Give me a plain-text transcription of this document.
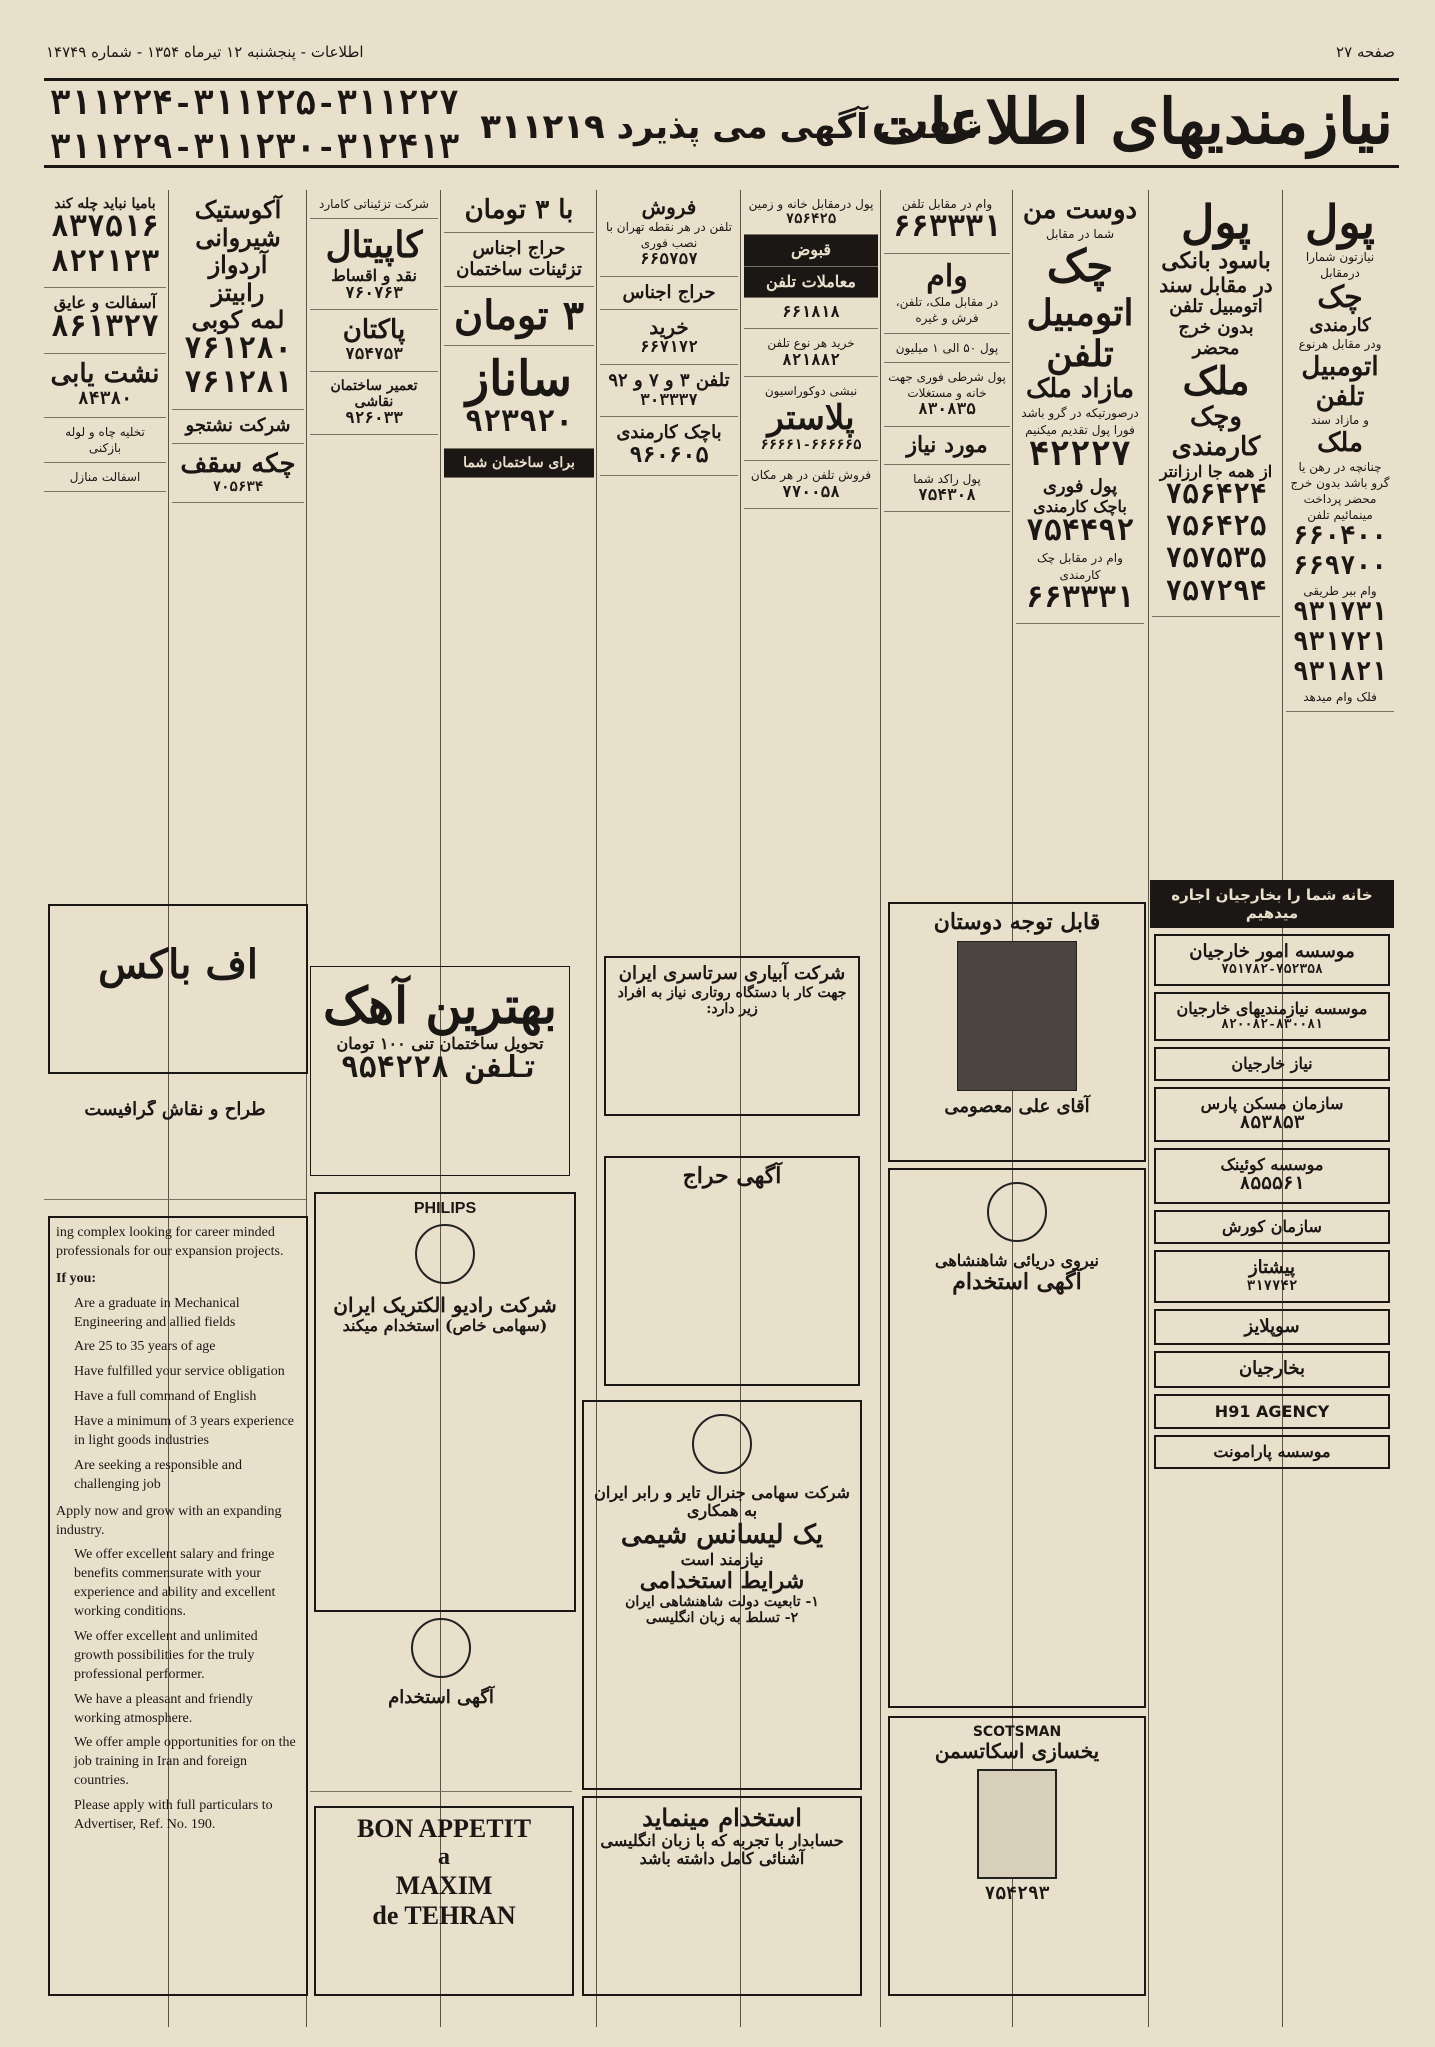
صفحه ۲۷
اطلاعات - پنجشنبه ۱۲ تیرماه ۱۳۵۴ - شماره ۱۴۷۴۹
نیازمندیهای اطلاعات
تلفنی آگهی می پذیرد ۳۱۱۲۱۹
۳۱۱۲۲۴-۳۱۱۲۲۵-۳۱۱۲۲۷
۳۱۱۲۲۹-۳۱۱۲۳۰-۳۱۲۴۱۳
پول
نیازتون شمارا درمقابل
چک
کارمندی
ودر مقابل هرنوع
اتومبیل
تلفن
و مازاد سند
ملک
چنانچه در رهن یا گرو باشد بدون خرج محضر پرداخت مینمائیم تلفن
۶۶۰۴۰۰
۶۶۹۷۰۰
وام ببر طریقی
۹۳۱۷۳۱
۹۳۱۷۲۱
۹۳۱۸۲۱
فلک وام میدهد
پول
باسود بانکی
در مقابل سند
اتومبیل تلفن
بدون خرج محضر
ملک
وچک
کارمندی
از همه جا ارزانتر
۷۵۶۴۲۴
۷۵۶۴۲۵
۷۵۷۵۳۵
۷۵۷۲۹۴
دوست من
شما در مقابل
چک
اتومبیل
تلفن
مازاد ملک
درصورتیکه در گرو باشد فورا پول تقدیم میکنیم
۴۲۲۲۷
پول فوری
باچک کارمندی
۷۵۴۴۹۲
وام در مقابل چک کارمندی
۶۶۳۳۳۱
وام در مقابل تلفن
۶۶۳۳۳۱
وام
در مقابل ملک، تلفن، فرش و غیره
پول ۵۰ الی ۱ میلیون
پول شرطی فوری جهت خانه و مستغلات
۸۳۰۸۳۵
مورد نیاز
پول راکد شما
۷۵۴۳۰۸
پول درمقابل خانه و زمین
۷۵۶۴۲۵
قبوض
معاملات تلفن
۶۶۱۸۱۸
خرید هر نوع تلفن
۸۲۱۸۸۲
نبشی دوکوراسیون
پلاستر
۶۶۶۶۱-۶۶۶۶۶۵
فروش تلفن در هر مکان
۷۷۰۰۵۸
فروش
تلفن در هر نقطه تهران با نصب فوری
۶۶۵۷۵۷
حراج اجناس
خرید
۶۶۷۱۷۲
تلفن ۳ و ۷ و ۹۲
۳۰۳۳۳۷
باچک کارمندی
۹۶۰۶۰۵
با ۳ تومان
حراج اجناس تزئینات ساختمان
۳ تومان
ساناز
۹۲۳۹۲۰
برای ساختمان شما
شرکت تزئیناتی کامارد
کاپیتال
نقد و اقساط
۷۶۰۷۶۳
پاکتان
۷۵۴۷۵۳
تعمیر ساختمان نقاشی
۹۲۶۰۳۳
آکوستیک
شیروانی
آردواز
رابیتز
لمه کوبی
۷۶۱۲۸۰
۷۶۱۲۸۱
شرکت نشتجو
چکه سقف
۷۰۵۶۳۴
بامیا نباید چله کند
۸۳۷۵۱۶
۸۲۲۱۲۳
آسفالت و عایق
۸۶۱۳۲۷
نشت یابی
۸۴۳۸۰
تخلیه چاه و لوله بازکنی
اسفالت منازل
اف باکس
طراح و نقاش گرافیست

ing complex looking for career minded professionals for our expansion projects.

If you:

Are a graduate in Mechanical Engineering and allied fields

Are 25 to 35 years of age

Have fulfilled your service obligation

Have a full command of English

Have a minimum of 3 years experience in light goods industries

Are seeking a responsible and challenging job

Apply now and grow with an expanding industry.

We offer excellent salary and fringe benefits commensurate with your experience and ability and excellent working conditions.

We offer excellent and unlimited growth possibilities for the truly professional performer.

We have a pleasant and friendly working atmosphere.

We offer ample opportunities for on the job training in Iran and foreign countries.

Please apply with full particulars to Advertiser, Ref. No. 190.

بهترین آهک
تحویل ساختمان تنی ۱۰۰ تومان
تلفن ۹۵۴۲۲۸
PHILIPS
شرکت رادیو الکتریک ایران
(سهامی خاص) استخدام میکند
آگهی استخدام
BON APPETIT
a
MAXIM
de TEHRAN
شرکت آبیاری سرتاسری ایران
جهت کار با دستگاه روتاری نیاز به افراد زیر دارد:
آگهی حراج
شرکت سهامی جنرال تایر و رابر ایران
به همکاری
یک لیسانس شیمی
نیازمند است
شرایط استخدامی
۱- تابعیت دولت شاهنشاهی ایران
۲- تسلط به زبان انگلیسی
استخدام مینماید
حسابدار با تجربه که با زبان انگلیسی آشنائی کامل داشته باشد
قابل توجه دوستان
آقای علی معصومی
نیروی دریائی شاهنشاهی
آگهی استخدام
SCOTSMAN
یخسازی اسکاتسمن
۷۵۴۲۹۳
خانه شما را بخارجیان اجاره میدهیم
موسسه امور خارجیان
۷۵۱۷۸۲-۷۵۲۳۵۸
موسسه نیازمندیهای خارجیان
۸۲۰۰۸۲-۸۳۰۰۸۱
نیاز خارجیان
سازمان مسکن پارس
۸۵۳۸۵۳
موسسه کوئینک
۸۵۵۵۶۱
سازمان کورش
پیشتاز
۳۱۷۷۴۲
سوپلایز
بخارجیان
H91 AGENCY
موسسه پارامونت
